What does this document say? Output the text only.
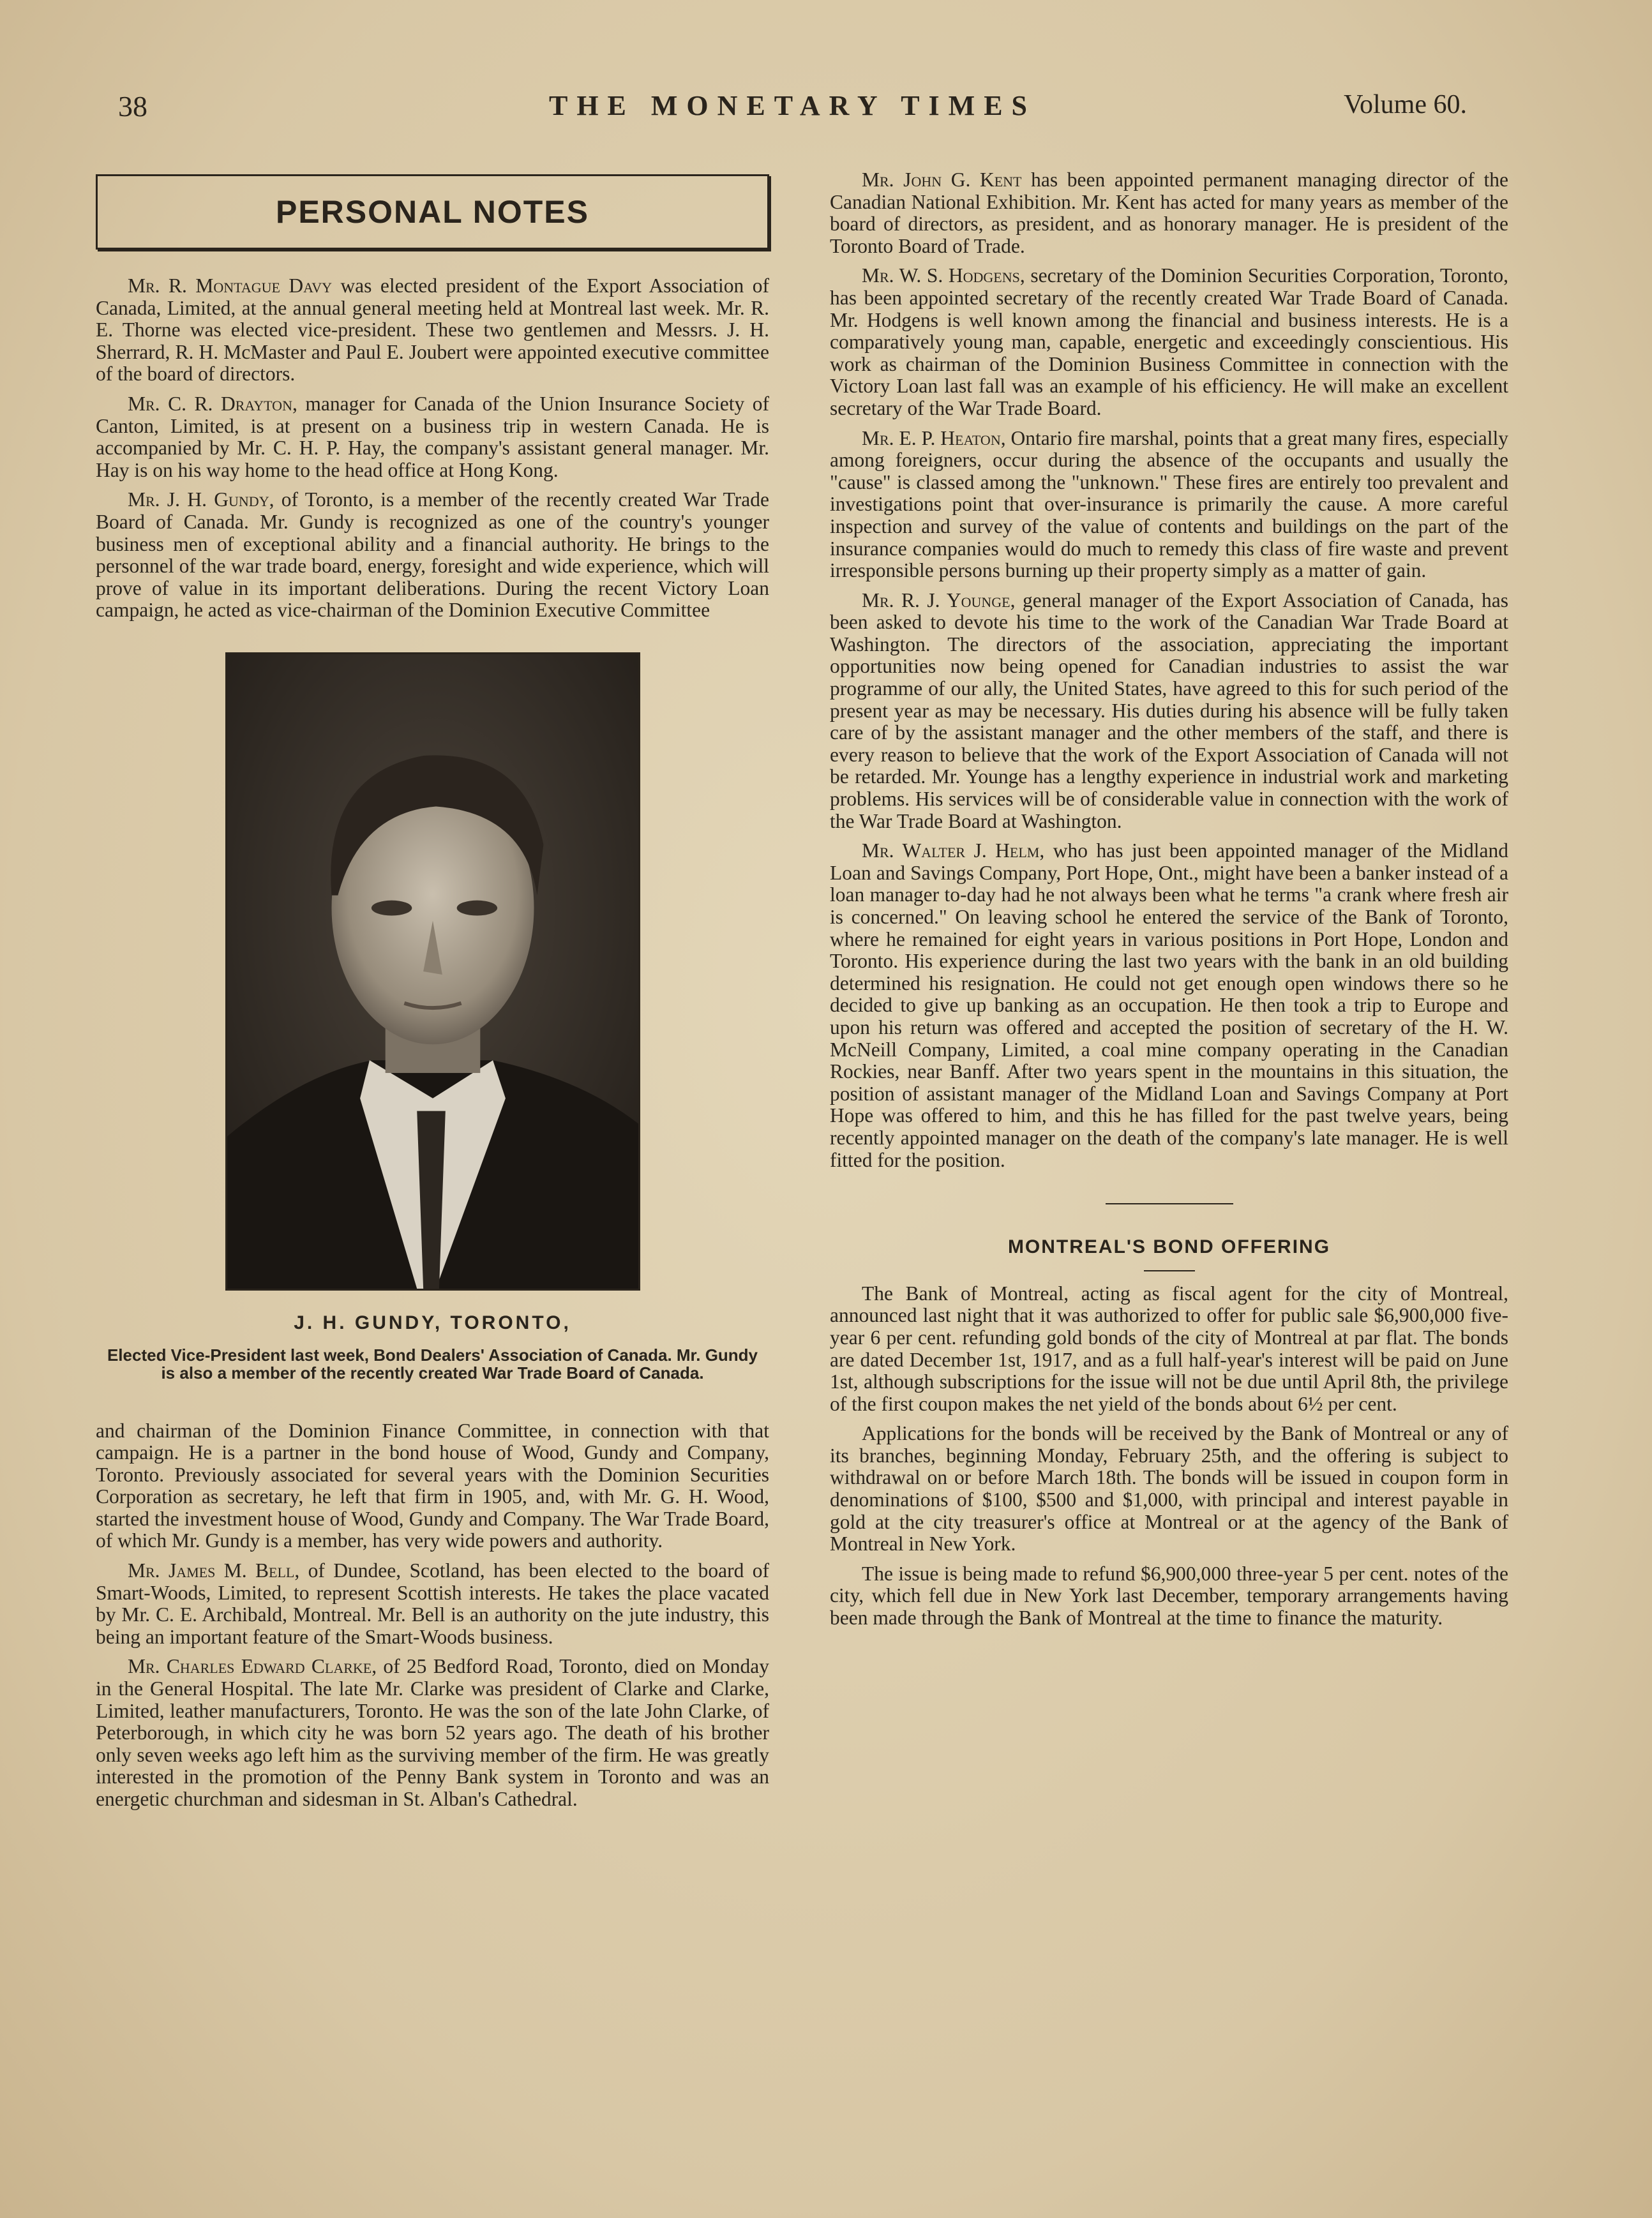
38	THE MONETARY TIMES	Volume 60.
PERSONAL NOTES

Mr. R. Montague Davy was elected president of the Export Association of Canada, Limited, at the annual general meeting held at Montreal last week. Mr. R. E. Thorne was elected vice-president. These two gentlemen and Messrs. J. H. Sherrard, R. H. McMaster and Paul E. Joubert were appointed executive committee of the board of directors.

Mr. C. R. Drayton, manager for Canada of the Union Insurance Society of Canton, Limited, is at present on a business trip in western Canada. He is accompanied by Mr. C. H. P. Hay, the company's assistant general manager. Mr. Hay is on his way home to the head office at Hong Kong.

Mr. J. H. Gundy, of Toronto, is a member of the recently created War Trade Board of Canada. Mr. Gundy is recognized as one of the country's younger business men of exceptional ability and a financial authority. He brings to the personnel of the war trade board, energy, foresight and wide experience, which will prove of value in its important deliberations. During the recent Victory Loan campaign, he acted as vice-chairman of the Dominion Executive Committee

J. H. GUNDY, TORONTO,
Elected Vice-President last week, Bond Dealers' Association of Canada. Mr. Gundy is also a member of the recently created War Trade Board of Canada.

and chairman of the Dominion Finance Committee, in connection with that campaign. He is a partner in the bond house of Wood, Gundy and Company, Toronto. Previously associated for several years with the Dominion Securities Corporation as secretary, he left that firm in 1905, and, with Mr. G. H. Wood, started the investment house of Wood, Gundy and Company. The War Trade Board, of which Mr. Gundy is a member, has very wide powers and authority.

Mr. James M. Bell, of Dundee, Scotland, has been elected to the board of Smart-Woods, Limited, to represent Scottish interests. He takes the place vacated by Mr. C. E. Archibald, Montreal. Mr. Bell is an authority on the jute industry, this being an important feature of the Smart-Woods business.

Mr. Charles Edward Clarke, of 25 Bedford Road, Toronto, died on Monday in the General Hospital. The late Mr. Clarke was president of Clarke and Clarke, Limited, leather manufacturers, Toronto. He was the son of the late John Clarke, of Peterborough, in which city he was born 52 years ago. The death of his brother only seven weeks ago left him as the surviving member of the firm. He was greatly interested in the promotion of the Penny Bank system in Toronto and was an energetic churchman and sidesman in St. Alban's Cathedral.

Mr. John G. Kent has been appointed permanent managing director of the Canadian National Exhibition. Mr. Kent has acted for many years as member of the board of directors, as president, and as honorary manager. He is president of the Toronto Board of Trade.

Mr. W. S. Hodgens, secretary of the Dominion Securities Corporation, Toronto, has been appointed secretary of the recently created War Trade Board of Canada. Mr. Hodgens is well known among the financial and business interests. He is a comparatively young man, capable, energetic and exceedingly conscientious. His work as chairman of the Dominion Business Committee in connection with the Victory Loan last fall was an example of his efficiency. He will make an excellent secretary of the War Trade Board.

Mr. E. P. Heaton, Ontario fire marshal, points that a great many fires, especially among foreigners, occur during the absence of the occupants and usually the "cause" is classed among the "unknown." These fires are entirely too prevalent and investigations point that over-insurance is primarily the cause. A more careful inspection and survey of the value of contents and buildings on the part of the insurance companies would do much to remedy this class of fire waste and prevent irresponsible persons burning up their property simply as a matter of gain.

Mr. R. J. Younge, general manager of the Export Association of Canada, has been asked to devote his time to the work of the Canadian War Trade Board at Washington. The directors of the association, appreciating the important opportunities now being opened for Canadian industries to assist the war programme of our ally, the United States, have agreed to this for such period of the present year as may be necessary. His duties during his absence will be fully taken care of by the assistant manager and the other members of the staff, and there is every reason to believe that the work of the Export Association of Canada will not be retarded. Mr. Younge has a lengthy experience in industrial work and marketing problems. His services will be of considerable value in connection with the work of the War Trade Board at Washington.

Mr. Walter J. Helm, who has just been appointed manager of the Midland Loan and Savings Company, Port Hope, Ont., might have been a banker instead of a loan manager to-day had he not always been what he terms "a crank where fresh air is concerned." On leaving school he entered the service of the Bank of Toronto, where he remained for eight years in various positions in Port Hope, London and Toronto. His experience during the last two years with the bank in an old building determined his resignation. He could not get enough open windows there so he decided to give up banking as an occupation. He then took a trip to Europe and upon his return was offered and accepted the position of secretary of the H. W. McNeill Company, Limited, a coal mine company operating in the Canadian Rockies, near Banff. After two years spent in the mountains in this situation, the position of assistant manager of the Midland Loan and Savings Company at Port Hope was offered to him, and this he has filled for the past twelve years, being recently appointed manager on the death of the company's late manager. He is well fitted for the position.

MONTREAL'S BOND OFFERING

The Bank of Montreal, acting as fiscal agent for the city of Montreal, announced last night that it was authorized to offer for public sale $6,900,000 five-year 6 per cent. refunding gold bonds of the city of Montreal at par flat. The bonds are dated December 1st, 1917, and as a full half-year's interest will be paid on June 1st, although subscriptions for the issue will not be due until April 8th, the privilege of the first coupon makes the net yield of the bonds about 6½ per cent.

Applications for the bonds will be received by the Bank of Montreal or any of its branches, beginning Monday, February 25th, and the offering is subject to withdrawal on or before March 18th. The bonds will be issued in coupon form in denominations of $100, $500 and $1,000, with principal and interest payable in gold at the city treasurer's office at Montreal or at the agency of the Bank of Montreal in New York.

The issue is being made to refund $6,900,000 three-year 5 per cent. notes of the city, which fell due in New York last December, temporary arrangements having been made through the Bank of Montreal at the time to finance the maturity.
